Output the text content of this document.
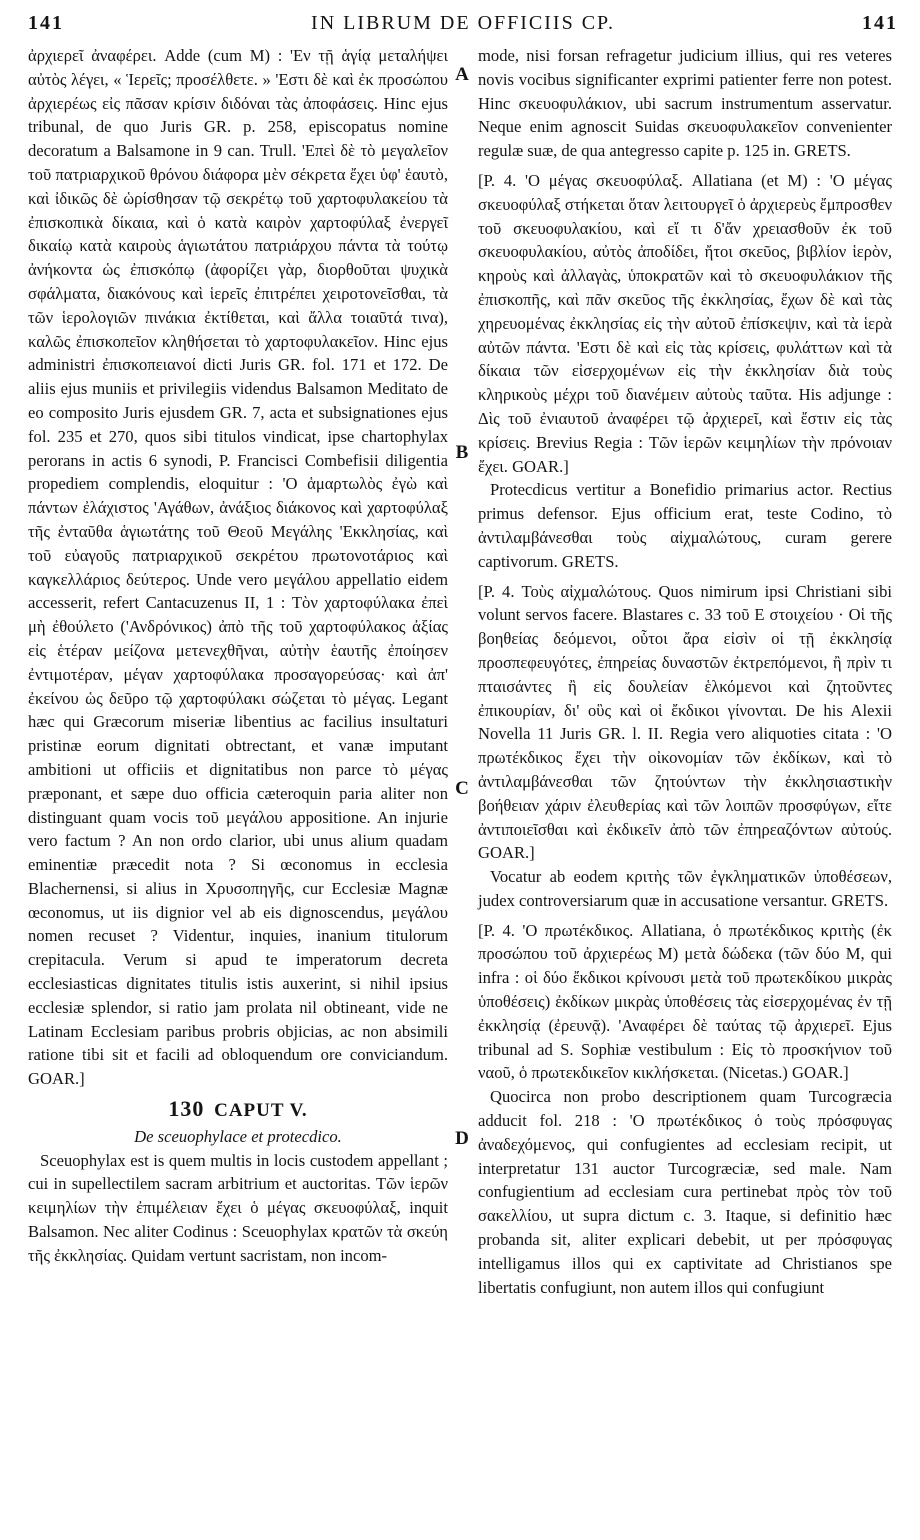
141	IN LIBRUM DE OFFICIIS CP.	141
A
B
C
D

ἀρχιερεῖ ἀναφέρει. Adde (cum M) : 'Εν τῇ ἁγίᾳ μεταλήψει αὐτὸς λέγει, « Ἱερεῖς; προσέλθετε. » 'Εστι δὲ καὶ ἐκ προσώπου ἀρχιερέως εἰς πᾶσαν κρίσιν διδόναι τὰς ἀποφάσεις. Hinc ejus tribunal, de quo Juris GR. p. 258, episcopatus nomine decoratum a Balsamone in 9 can. Trull. 'Επεὶ δὲ τὸ μεγαλεῖον τοῦ πατριαρχικοῦ θρόνου διάφορα μὲν σέκρετα ἔχει ὑφ' ἑαυτὸ, καὶ ἰδικῶς δὲ ὡρίσθησαν τῷ σεκρέτῳ τοῦ χαρτοφυλακείου τὰ ἐπισκοπικὰ δίκαια, καὶ ὁ κατὰ καιρὸν χαρτοφύλαξ ἐνεργεῖ δικαίῳ κατὰ καιροὺς ἁγιωτάτου πατριάρχου πάντα τὰ τούτῳ ἀνήκοντα ὡς ἐπισκόπῳ (ἀφορίζει γὰρ, διορθοῦται ψυχικὰ σφάλματα, διακόνους καὶ ἱερεῖς ἐπιτρέπει χειροτονεῖσθαι, τὰ τῶν ἱερολογιῶν πινάκια ἐκτίθεται, καὶ ἄλλα τοιαῦτά τινα), καλῶς ἐπισκοπεῖον κληθήσεται τὸ χαρτοφυλακεῖον. Hinc ejus administri ἐπισκοπειανοί dicti Juris GR. fol. 171 et 172. De aliis ejus muniis et privilegiis videndus Balsamon Meditato de eo composito Juris ejusdem GR. 7, acta et subsignationes ejus fol. 235 et 270, quos sibi titulos vindicat, ipse chartophylax perorans in actis 6 synodi, P. Francisci Combefisii diligentia propediem complendis, eloquitur : 'Ο ἁμαρτωλὸς ἐγὼ καὶ πάντων ἐλάχιστος 'Αγάθων, ἀνάξιος διάκονος καὶ χαρτοφύλαξ τῆς ἐνταῦθα ἁγιωτάτης τοῦ Θεοῦ Μεγάλης 'Εκκλησίας, καὶ τοῦ εὐαγοῦς πατριαρχικοῦ σεκρέτου πρωτονοτάριος καὶ καγκελλάριος δεύτερος. Unde vero μεγάλου appellatio eidem accesserit, refert Cantacuzenus II, 1 : Τὸν χαρτοφύλακα ἐπεὶ μὴ ἐθούλετο ('Ανδρόνικος) ἀπὸ τῆς τοῦ χαρτοφύλακος ἀξίας εἰς ἑτέραν μείζονα μετενεχθῆναι, αὐτὴν ἑαυτῆς ἐποίησεν ἐντιμοτέραν, μέγαν χαρτοφύλακα προσαγορεύσας· καὶ ἀπ' ἐκείνου ὡς δεῦρο τῷ χαρτοφύλακι σώζεται τὸ μέγας. Legant hæc qui Græcorum miseriæ libentius ac facilius insultaturi pristinæ eorum dignitati obtrectant, et vanæ imputant ambitioni ut officiis et dignitatibus non parce τὸ μέγας præponant, et sæpe duo officia cæteroquin paria aliter non distinguant quam vocis τοῦ μεγάλου appositione. An injurie vero factum ? An non ordo clarior, ubi unus alium quadam eminentiæ præcedit nota ? Si œconomus in ecclesia Blachernensi, si alius in Χρυσοπηγῆς, cur Ecclesiæ Magnæ œconomus, ut iis dignior vel ab eis dignoscendus, μεγάλου nomen recuset ? Videntur, inquies, inanium titulorum crepitacula. Verum si apud te imperatorum decreta ecclesiasticas dignitates titulis istis auxerint, si nihil ipsius ecclesiæ splendor, si ratio jam prolata nil obtineant, vide ne Latinam Ecclesiam paribus probris objicias, ac non absimili ratione tibi sit et facili ad obloquendum ore conviciandum. GOAR.]

130 CAPUT V.
De sceuophylace et protecdico.

Sceuophylax est is quem multis in locis custodem appellant ; cui in supellectilem sacram arbitrium et auctoritas. Τῶν ἱερῶν κειμηλίων τὴν ἐπιμέλειαν ἔχει ὁ μέγας σκευοφύλαξ, inquit Balsamon. Nec aliter Codinus : Sceuophylax κρατῶν τὰ σκεύη τῆς ἐκκλησίας. Quidam vertunt sacristam, non incom-

mode, nisi forsan refragetur judicium illius, qui res veteres novis vocibus significanter exprimi patienter ferre non potest. Hinc σκευοφυλάκιον, ubi sacrum instrumentum asservatur. Neque enim agnoscit Suidas σκευοφυλακεῖον convenienter regulæ suæ, de qua antegresso capite p. 125 in. GRETS.

[P. 4. 'Ο μέγας σκευοφύλαξ. Allatiana (et M) : 'Ο μέγας σκευοφύλαξ στήκεται ὅταν λειτουργεῖ ὁ ἀρχιερεὺς ἔμπροσθεν τοῦ σκευοφυλακίου, καὶ εἴ τι δ'ἄν χρειασθοῦν ἐκ τοῦ σκευοφυλακίου, αὐτὸς ἀποδίδει, ἤτοι σκεῦος, βιβλίον ἱερὸν, κηροὺς καὶ ἀλλαγὰς, ὑποκρατῶν καὶ τὸ σκευοφυλάκιον τῆς ἐπισκοπῆς, καὶ πᾶν σκεῦος τῆς ἐκκλησίας, ἔχων δὲ καὶ τὰς χηρευομένας ἐκκλησίας εἰς τὴν αὐτοῦ ἐπίσκεψιν, καὶ τὰ ἱερὰ αὐτῶν πάντα. 'Εστι δὲ καὶ εἰς τὰς κρίσεις, φυλάττων καὶ τὰ δίκαια τῶν εἰσερχομένων εἰς τὴν ἐκκλησίαν διὰ τοὺς κληρικοὺς μέχρι τοῦ διανέμειν αὐτοὺς ταῦτα. His adjunge : Δὶς τοῦ ἐνιαυτοῦ ἀναφέρει τῷ ἀρχιερεῖ, καὶ ἔστιν εἰς τὰς κρίσεις. Brevius Regia : Τῶν ἱερῶν κειμηλίων τὴν πρόνοιαν ἔχει. GOAR.]

Protecdicus vertitur a Bonefidio primarius actor. Rectius primus defensor. Ejus officium erat, teste Codino, τὸ ἀντιλαμβάνεσθαι τοὺς αἰχμαλώτους, curam gerere captivorum. GRETS.

[P. 4. Τοὺς αἰχμαλώτους. Quos nimirum ipsi Christiani sibi volunt servos facere. Blastares c. 33 τοῦ Ε στοιχείου · Οἱ τῆς βοηθείας δεόμενοι, οὗτοι ἄρα εἰσὶν οἱ τῇ ἐκκλησίᾳ προσπεφευγότες, ἐπηρείας δυναστῶν ἐκτρεπόμενοι, ἢ πρὶν τι πταισάντες ἢ εἰς δουλείαν ἑλκόμενοι καὶ ζητοῦντες ἐπικουρίαν, δι' οὓς καὶ οἱ ἔκδικοι γίνονται. De his Alexii Novella 11 Juris GR. l. II. Regia vero aliquoties citata : 'Ο πρωτέκδικος ἔχει τὴν οἰκονομίαν τῶν ἐκδίκων, καὶ τὸ ἀντιλαμβάνεσθαι τῶν ζητούντων τὴν ἐκκλησιαστικὴν βοήθειαν χάριν ἐλευθερίας καὶ τῶν λοιπῶν προσφύγων, εἴτε ἀντιποιεῖσθαι καὶ ἐκδικεῖν ἀπὸ τῶν ἐπηρεαζόντων αὐτούς. GOAR.]

Vocatur ab eodem κριτὴς τῶν ἐγκληματικῶν ὑποθέσεων, judex controversiarum quæ in accusatione versantur. GRETS.

[P. 4. 'Ο πρωτέκδικος. Allatiana, ὁ πρωτέκδικος κριτὴς (ἐκ προσώπου τοῦ ἀρχιερέως M) μετὰ δώδεκα (τῶν δύο M, qui infra : οἱ δύο ἔκδικοι κρίνουσι μετὰ τοῦ πρωτεκδίκου μικρὰς ὑποθέσεις) ἐκδίκων μικρὰς ὑποθέσεις τὰς εἰσερχομένας ἐν τῇ ἐκκλησίᾳ (ἐρευνᾷ). 'Αναφέρει δὲ ταύτας τῷ ἀρχιερεῖ. Ejus tribunal ad S. Sophiæ vestibulum : Εἰς τὸ προσκήνιον τοῦ ναοῦ, ὁ πρωτεκδικεῖον κικλήσκεται. (Nicetas.) GOAR.]

Quocirca non probo descriptionem quam Turcogræcia adducit fol. 218 : 'Ο πρωτέκδικος ὁ τοὺς πρόσφυγας ἀναδεχόμενος, qui confugientes ad ecclesiam recipit, ut interpretatur 131 auctor Turcogræciæ, sed male. Nam confugientium ad ecclesiam cura pertinebat πρὸς τὸν τοῦ σακελλίου, ut supra dictum c. 3. Itaque, si definitio hæc probanda sit, aliter explicari debebit, ut per πρόσφυγας intelligamus illos qui ex captivitate ad Christianos spe libertatis confugiunt, non autem illos qui confugiunt
